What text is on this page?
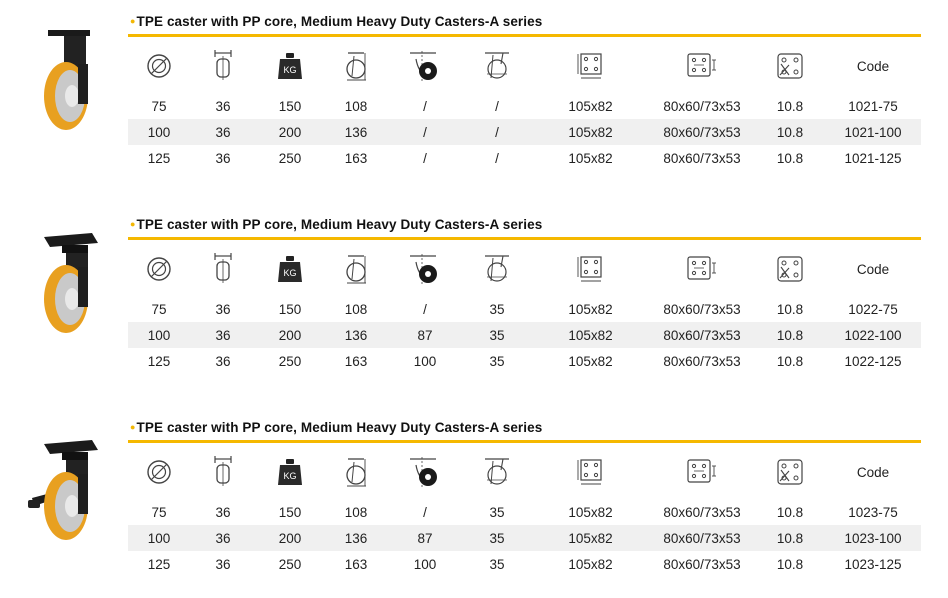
●TPE caster with PP core, Medium Heavy Duty Casters-A series
KG	Code
75	36	150	108	/	/	105x82	80x60/73x53	10.8	1021-75
100	36	200	136	/	/	105x82	80x60/73x53	10.8	1021-100
125	36	250	163	/	/	105x82	80x60/73x53	10.8	1021-125
●TPE caster with PP core, Medium Heavy Duty Casters-A series
KG	Code
75	36	150	108	/	35	105x82	80x60/73x53	10.8	1022-75
100	36	200	136	87	35	105x82	80x60/73x53	10.8	1022-100
125	36	250	163	100	35	105x82	80x60/73x53	10.8	1022-125
●TPE caster with PP core, Medium Heavy Duty Casters-A series
KG	Code
75	36	150	108	/	35	105x82	80x60/73x53	10.8	1023-75
100	36	200	136	87	35	105x82	80x60/73x53	10.8	1023-100
125	36	250	163	100	35	105x82	80x60/73x53	10.8	1023-125
